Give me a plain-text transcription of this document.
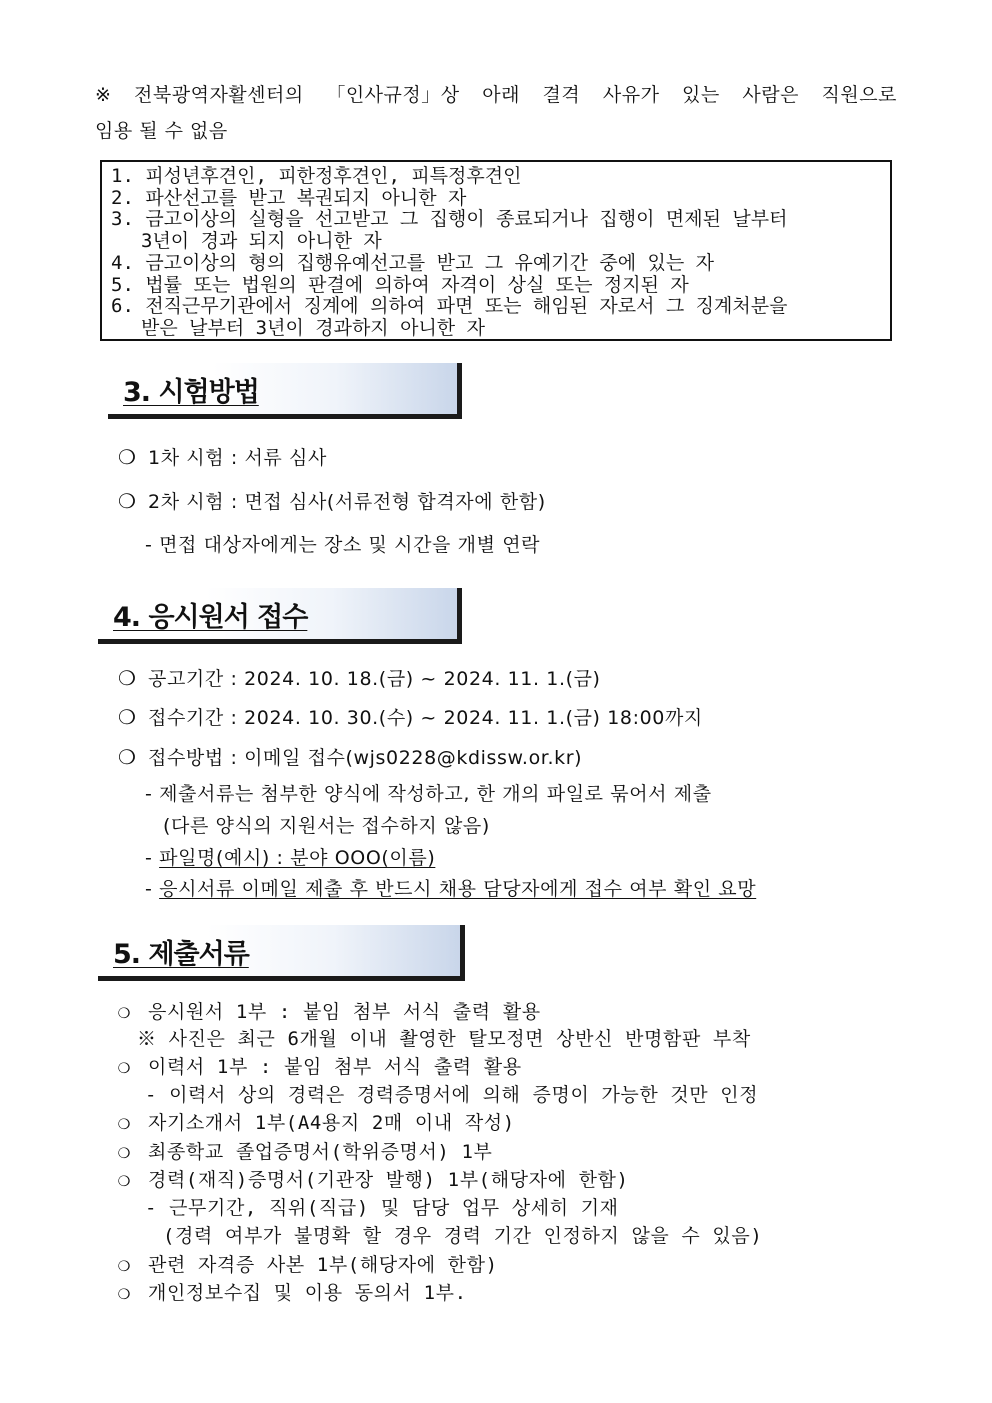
※ 전북광역자활센터의 「인사규정」상 아래 결격 사유가 있는 사람은 직원으로
임용 될 수 없음
1. 피성년후견인, 피한정후견인, 피특정후견인
2. 파산선고를 받고 복권되지 아니한 자
3. 금고이상의 실형을 선고받고 그 집행이 종료되거나 집행이 면제된 날부터
3년이 경과 되지 아니한 자
4. 금고이상의 형의 집행유예선고를 받고 그 유예기간 중에 있는 자
5. 법률 또는 법원의 판결에 의하여 자격이 상실 또는 정지된 자
6. 전직근무기관에서 징계에 의하여 파면 또는 해임된 자로서 그 징계처분을
받은 날부터 3년이 경과하지 아니한 자
3. 시험방법
❍ 1차 시험 : 서류 심사
❍ 2차 시험 : 면접 심사(서류전형 합격자에 한함)
- 면접 대상자에게는 장소 및 시간을 개별 연락
4. 응시원서 접수
❍ 공고기간 : 2024. 10. 18.(금) ~ 2024. 11. 1.(금)
❍ 접수기간 : 2024. 10. 30.(수) ~ 2024. 11. 1.(금) 18:00까지
❍ 접수방법 : 이메일 접수(wjs0228@kdissw.or.kr)
- 제출서류는 첨부한 양식에 작성하고, 한 개의 파일로 묶어서 제출
(다른 양식의 지원서는 접수하지 않음)
- 파일명(예시) : 분야 OOO(이름)
- 응시서류 이메일 제출 후 반드시 채용 담당자에게 접수 여부 확인 요망
5. 제출서류
❍ 응시원서 1부 : 붙임 첨부 서식 출력 활용
※ 사진은 최근 6개월 이내 촬영한 탈모정면 상반신 반명함판 부착
❍ 이력서 1부 : 붙임 첨부 서식 출력 활용
- 이력서 상의 경력은 경력증명서에 의해 증명이 가능한 것만 인정
❍ 자기소개서 1부(A4용지 2매 이내 작성)
❍ 최종학교 졸업증명서(학위증명서) 1부
❍ 경력(재직)증명서(기관장 발행) 1부(해당자에 한함)
- 근무기간, 직위(직급) 및 담당 업무 상세히 기재
(경력 여부가 불명확 할 경우 경력 기간 인정하지 않을 수 있음)
❍ 관련 자격증 사본 1부(해당자에 한함)
❍ 개인정보수집 및 이용 동의서 1부.
